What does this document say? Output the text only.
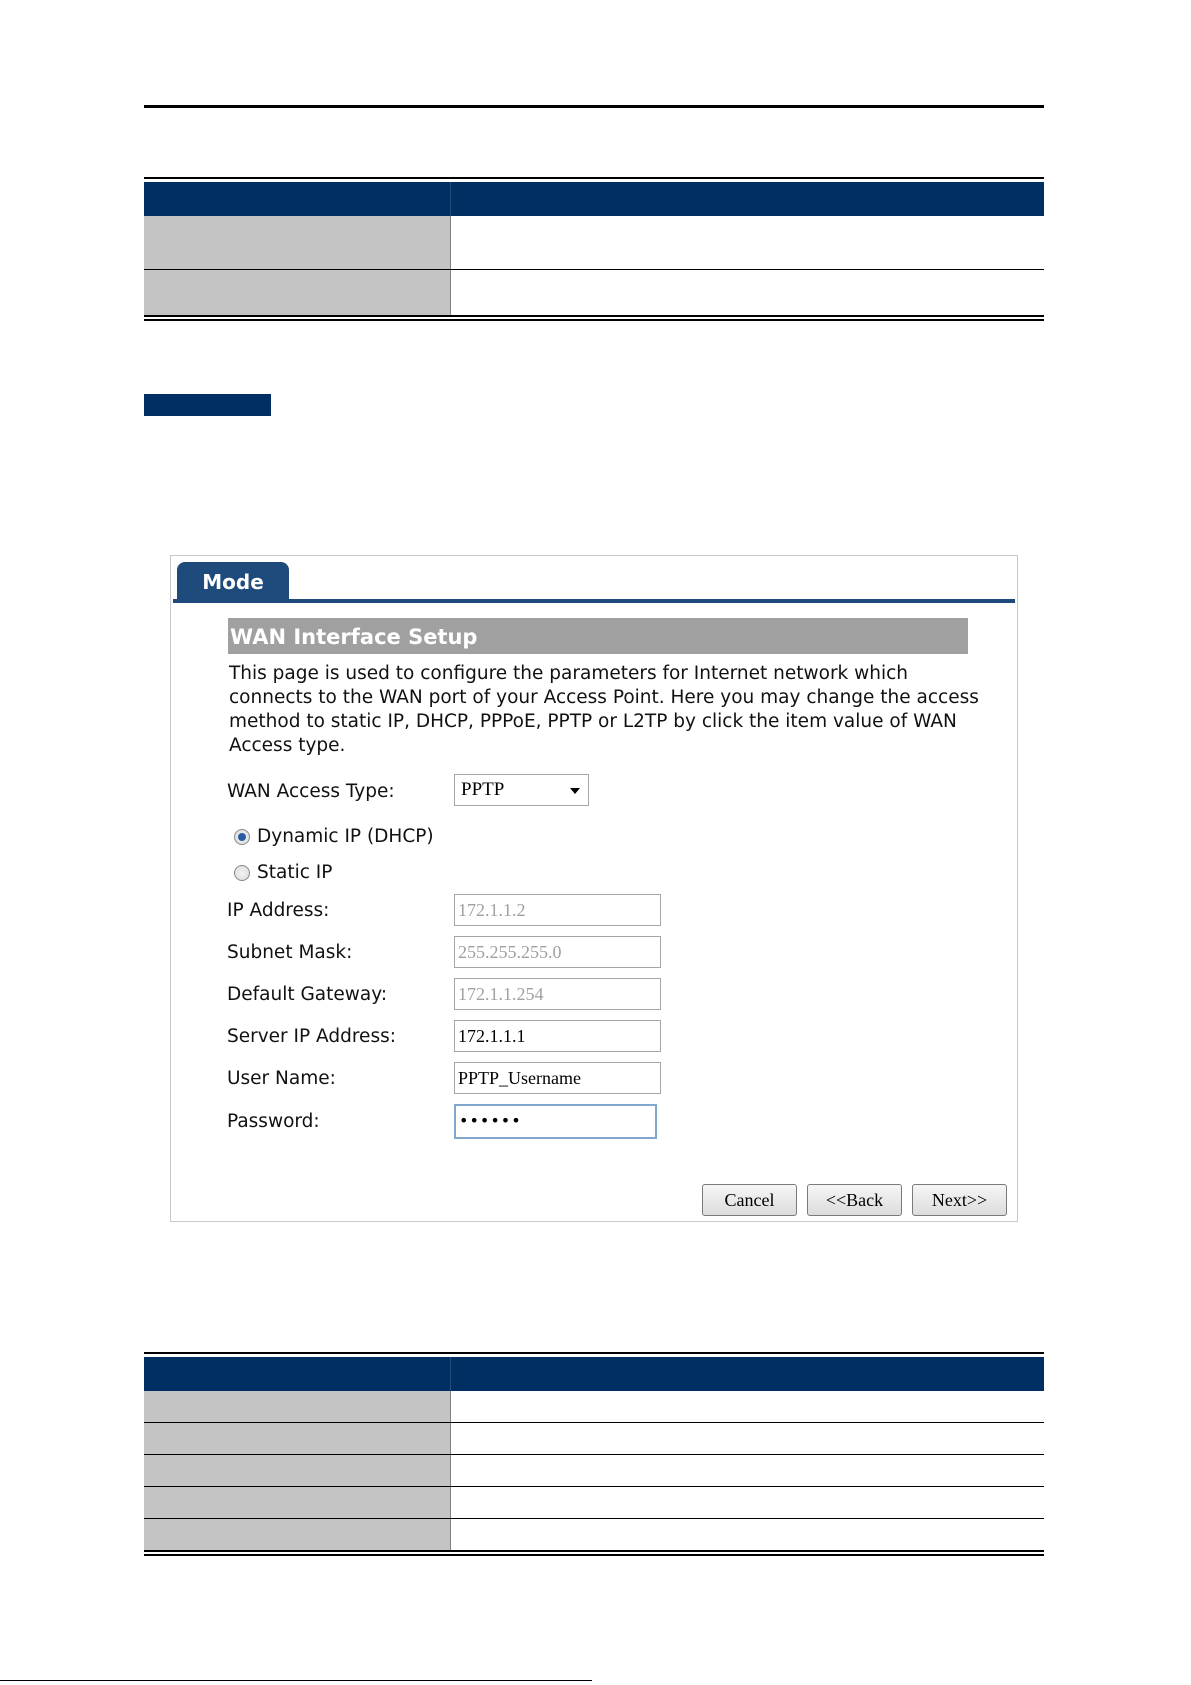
Mode
WAN Interface Setup
This page is used to configure the parameters for Internet network which connects to the WAN port of your Access Point. Here you may change the access method to static IP, DHCP, PPPoE, PPTP or L2TP by click the item value of WAN Access type.
WAN Access Type:	PPTP
Dynamic IP (DHCP)
Static IP
IP Address:	172.1.1.2
Subnet Mask:	255.255.255.0
Default Gateway:	172.1.1.254
Server IP Address:	172.1.1.1
User Name:	PPTP_Username
Password:	••••••
Cancel	<<Back	Next>>
